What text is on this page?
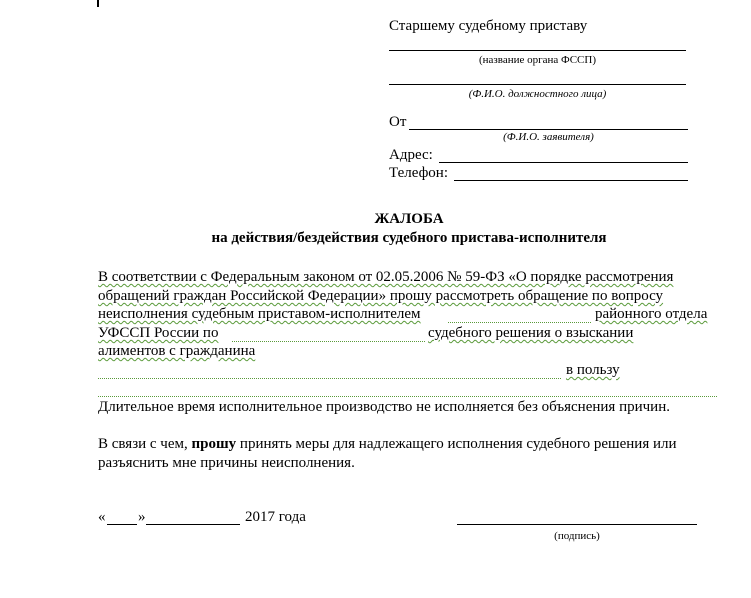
Старшему судебному приставу
(название органа ФССП)
(Ф.И.О. должностного лица)
От
(Ф.И.О. заявителя)
Адрес:
Телефон:
ЖАЛОБА
на действия/бездействия судебного пристава-исполнителя
В соответствии с Федеральным законом от 02.05.2006 № 59-ФЗ «О порядке рассмотрения
обращений граждан Российской Федерации» прошу рассмотреть обращение по вопросу
неисполнения судебным приставом-исполнителем	районного отдела
УФССП России по	судебного решения о взыскании
алиментов с гражданина
в пользу
Длительное время исполнительное производство не исполняется без объяснения причин.
В связи с чем, прошу принять меры для надлежащего исполнения судебного решения или
разъяснить мне причины неисполнения.
« »	2017 года
(подпись)
